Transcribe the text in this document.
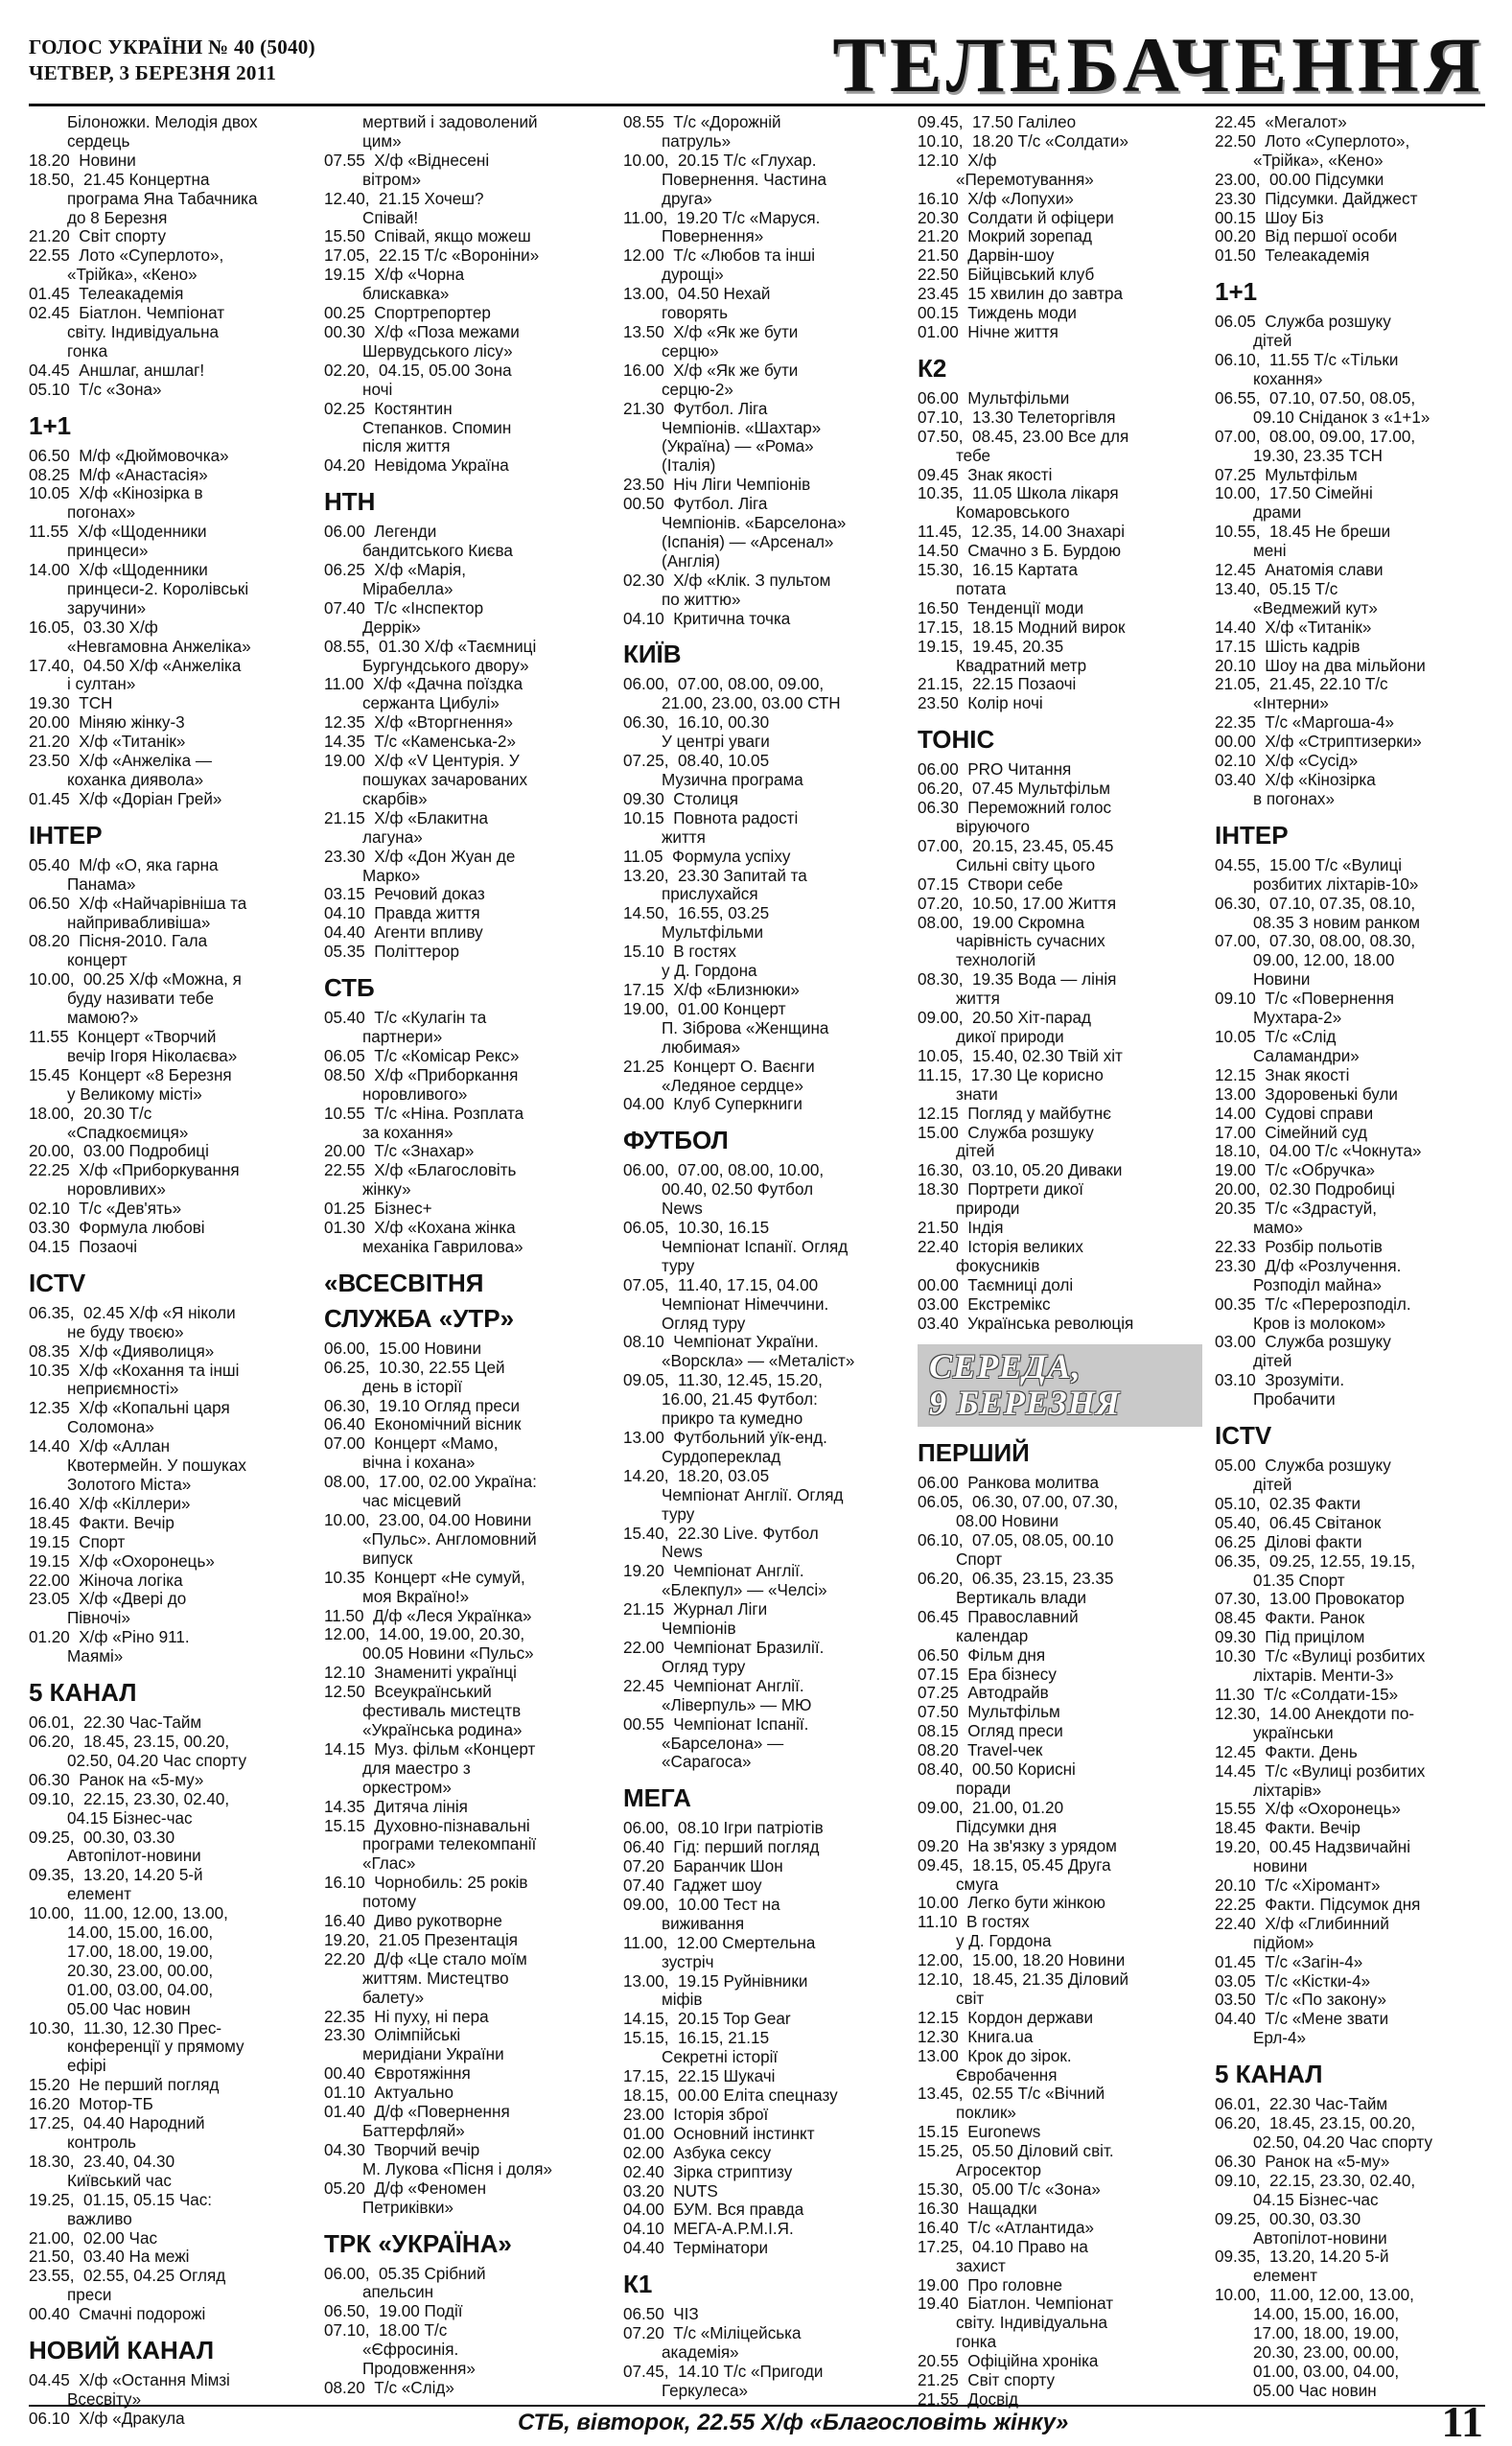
ГОЛОС УКРАЇНИ № 40 (5040)
ЧЕТВЕР, 3 БЕРЕЗНЯ 2011	ТЕЛЕБАЧЕННЯ
Білоножки. Мелодія двох
сердець
18.20  Новини
18.50,  21.45 Концертна
програма Яна Табачника
до 8 Березня
21.20  Світ спорту
22.55  Лото «Суперлото»,
«Трійка», «Кено»
01.45  Телеакадемія
02.45  Біатлон. Чемпіонат
світу. Індивідуальна
гонка
04.45  Аншлаг, аншлаг!
05.10  Т/с «Зона»
1+1
06.50  М/ф «Дюймовочка»
08.25  М/ф «Анастасія»
10.05  Х/ф «Кінозірка в
погонах»
11.55  Х/ф «Щоденники
принцеси»
14.00  Х/ф «Щоденники
принцеси-2. Королівські
заручини»
16.05,  03.30 Х/ф
«Невгамовна Анжеліка»
17.40,  04.50 Х/ф «Анжеліка
і султан»
19.30  ТСН
20.00  Міняю жінку-3
21.20  Х/ф «Титанік»
23.50  Х/ф «Анжеліка —
коханка диявола»
01.45  Х/ф «Доріан Грей»
ІНТЕР
05.40  М/ф «О, яка гарна
Панама»
06.50  Х/ф «Найчарівніша та
найпривабливіша»
08.20  Пісня-2010. Гала
концерт
10.00,  00.25 Х/ф «Можна, я
буду називати тебе
мамою?»
11.55  Концерт «Творчий
вечір Ігоря Ніколаєва»
15.45  Концерт «8 Березня
у Великому місті»
18.00,  20.30 Т/с
«Спадкоємиця»
20.00,  03.00 Подробиці
22.25  Х/ф «Приборкування
норовливих»
02.10  Т/с «Дев'ять»
03.30  Формула любові
04.15  Позаочі
ICTV
06.35,  02.45 Х/ф «Я ніколи
не буду твоєю»
08.35  Х/ф «Дияволиця»
10.35  Х/ф «Кохання та інші
неприємності»
12.35  Х/ф «Копальні царя
Соломона»
14.40  Х/ф «Аллан
Квотермейн. У пошуках
Золотого Міста»
16.40  Х/ф «Кіллери»
18.45  Факти. Вечір
19.15  Спорт
19.15  Х/ф «Охоронець»
22.00  Жіноча логіка
23.05  Х/ф «Двері до
Півночі»
01.20  Х/ф «Ріно 911.
Маямі»
5 КАНАЛ
06.01,  22.30 Час-Тайм
06.20,  18.45, 23.15, 00.20,
02.50, 04.20 Час спорту
06.30  Ранок на «5-му»
09.10,  22.15, 23.30, 02.40,
04.15 Бізнес-час
09.25,  00.30, 03.30
Автопілот-новини
09.35,  13.20, 14.20 5-й
елемент
10.00,  11.00, 12.00, 13.00,
14.00, 15.00, 16.00,
17.00, 18.00, 19.00,
20.30, 23.00, 00.00,
01.00, 03.00, 04.00,
05.00 Час новин
10.30,  11.30, 12.30 Прес-
конференції у прямому
ефірі
15.20  Не перший погляд
16.20  Мотор-ТБ
17.25,  04.40 Народний
контроль
18.30,  23.40, 04.30
Київський час
19.25,  01.15, 05.15 Час:
важливо
21.00,  02.00 Час
21.50,  03.40 На межі
23.55,  02.55, 04.25 Огляд
преси
00.40  Смачні подорожі
НОВИЙ КАНАЛ
04.45  Х/ф «Остання Мімзі
Всесвіту»
06.10  Х/ф «Дракула
мертвий і задоволений
цим»
07.55  Х/ф «Віднесені
вітром»
12.40,  21.15 Хочеш?
Співай!
15.50  Співай, якщо можеш
17.05,  22.15 Т/с «Вороніни»
19.15  Х/ф «Чорна
блискавка»
00.25  Спортрепортер
00.30  Х/ф «Поза межами
Шервудського лісу»
02.20,  04.15, 05.00 Зона
ночі
02.25  Костянтин
Степанков. Спомин
після життя
04.20  Невідома Україна
НТН
06.00  Легенди
бандитського Києва
06.25  Х/ф «Марія,
Мірабелла»
07.40  Т/с «Інспектор
Деррік»
08.55,  01.30 Х/ф «Таємниці
Бургундського двору»
11.00  Х/ф «Дачна поїздка
сержанта Цибулі»
12.35  Х/ф «Вторгнення»
14.35  Т/с «Каменська-2»
19.00  Х/ф «V Центурія. У
пошуках зачарованих
скарбів»
21.15  Х/ф «Блакитна
лагуна»
23.30  Х/ф «Дон Жуан де
Марко»
03.15  Речовий доказ
04.10  Правда життя
04.40  Агенти впливу
05.35  Політтерор
СТБ
05.40  Т/с «Кулагін та
партнери»
06.05  Т/с «Комісар Рекс»
08.50  Х/ф «Приборкання
норовливого»
10.55  Т/с «Ніна. Розплата
за кохання»
20.00  Т/с «Знахар»
22.55  Х/ф «Благословіть
жінку»
01.25  Бізнес+
01.30  Х/ф «Кохана жінка
механіка Гаврилова»
«ВСЕСВІТНЯ
СЛУЖБА «УТР»
06.00,  15.00 Новини
06.25,  10.30, 22.55 Цей
день в історії
06.30,  19.10 Огляд преси
06.40  Економічний вісник
07.00  Концерт «Мамо,
вічна і кохана»
08.00,  17.00, 02.00 Україна:
час місцевий
10.00,  23.00, 04.00 Новини
«Пульс». Англомовний
випуск
10.35  Концерт «Не сумуй,
моя Вкраїно!»
11.50  Д/ф «Леся Українка»
12.00,  14.00, 19.00, 20.30,
00.05 Новини «Пульс»
12.10  Знамениті українці
12.50  Всеукраїнський
фестиваль мистецтв
«Українська родина»
14.15  Муз. фільм «Концерт
для маестро з
оркестром»
14.35  Дитяча лінія
15.15  Духовно-пізнавальні
програми телекомпанії
«Глас»
16.10  Чорнобиль: 25 років
потому
16.40  Диво рукотворне
19.20,  21.05 Презентація
22.20  Д/ф «Це стало моїм
життям. Мистецтво
балету»
22.35  Ні пуху, ні пера
23.30  Олімпійські
меридіани України
00.40  Євротяжіння
01.10  Актуально
01.40  Д/ф «Повернення
Баттерфляй»
04.30  Творчий вечір
М. Лукова «Пісня і доля»
05.20  Д/ф «Феномен
Петриківки»
ТРК «УКРАЇНА»
06.00,  05.35 Срібний
апельсин
06.50,  19.00 Події
07.10,  18.00 Т/с
«Єфросинія.
Продовження»
08.20  Т/с «Слід»
08.55  Т/с «Дорожній
патруль»
10.00,  20.15 Т/с «Глухар.
Повернення. Частина
друга»
11.00,  19.20 Т/с «Маруся.
Повернення»
12.00  Т/с «Любов та інші
дурощі»
13.00,  04.50 Нехай
говорять
13.50  Х/ф «Як же бути
серцю»
16.00  Х/ф «Як же бути
серцю-2»
21.30  Футбол. Ліга
Чемпіонів. «Шахтар»
(Україна) — «Рома»
(Італія)
23.50  Ніч Ліги Чемпіонів
00.50  Футбол. Ліга
Чемпіонів. «Барселона»
(Іспанія) — «Арсенал»
(Англія)
02.30  Х/ф «Клік. З пультом
по життю»
04.10  Критична точка
КИЇВ
06.00,  07.00, 08.00, 09.00,
21.00, 23.00, 03.00 СТН
06.30,  16.10, 00.30
У центрі уваги
07.25,  08.40, 10.05
Музична програма
09.30  Столиця
10.15  Повнота радості
життя
11.05  Формула успіху
13.20,  23.30 Запитай та
прислухайся
14.50,  16.55, 03.25
Мультфільми
15.10  В гостях
у Д. Гордона
17.15  Х/ф «Близнюки»
19.00,  01.00 Концерт
П. Зіброва «Женщина
любимая»
21.25  Концерт О. Ваєнги
«Ледяное сердце»
04.00  Клуб Суперкниги
ФУТБОЛ
06.00,  07.00, 08.00, 10.00,
00.40, 02.50 Футбол
News
06.05,  10.30, 16.15
Чемпіонат Іспанії. Огляд
туру
07.05,  11.40, 17.15, 04.00
Чемпіонат Німеччини.
Огляд туру
08.10  Чемпіонат України.
«Ворскла» — «Металіст»
09.05,  11.30, 12.45, 15.20,
16.00, 21.45 Футбол:
прикро та кумедно
13.00  Футбольний уїк-енд.
Сурдопереклад
14.20,  18.20, 03.05
Чемпіонат Англії. Огляд
туру
15.40,  22.30 Live. Футбол
News
19.20  Чемпіонат Англії.
«Блекпул» — «Челсі»
21.15  Журнал Ліги
Чемпіонів
22.00  Чемпіонат Бразилії.
Огляд туру
22.45  Чемпіонат Англії.
«Ліверпуль» — МЮ
00.55  Чемпіонат Іспанії.
«Барселона» —
«Сарагоса»
МЕГА
06.00,  08.10 Ігри патріотів
06.40  Гід: перший погляд
07.20  Баранчик Шон
07.40  Гаджет шоу
09.00,  10.00 Тест на
виживання
11.00,  12.00 Смертельна
зустріч
13.00,  19.15 Руйнівники
міфів
14.15,  20.15 Top Gear
15.15,  16.15, 21.15
Секретні історії
17.15,  22.15 Шукачі
18.15,  00.00 Еліта спецназу
23.00  Історія зброї
01.00  Основний інстинкт
02.00  Азбука сексу
02.40  Зірка стриптизу
03.20  NUTS
04.00  БУМ. Вся правда
04.10  МЕГА-А.Р.М.І.Я.
04.40  Термінатори
К1
06.50  ЧІЗ
07.20  Т/с «Міліцейська
академія»
07.45,  14.10 Т/с «Пригоди
Геркулеса»
09.45,  17.50 Галілео
10.10,  18.20 Т/с «Солдати»
12.10  Х/ф
«Перемотування»
16.10  Х/ф «Лопухи»
20.30  Солдати й офіцери
21.20  Мокрий зорепад
21.50  Дарвін-шоу
22.50  Бійцівський клуб
23.45  15 хвилин до завтра
00.15  Тиждень моди
01.00  Нічне життя
К2
06.00  Мультфільми
07.10,  13.30 Телеторгівля
07.50,  08.45, 23.00 Все для
тебе
09.45  Знак якості
10.35,  11.05 Школа лікаря
Комаровського
11.45,  12.35, 14.00 Знахарі
14.50  Смачно з Б. Бурдою
15.30,  16.15 Картата
потата
16.50  Тенденції моди
17.15,  18.15 Модний вирок
19.15,  19.45, 20.35
Квадратний метр
21.15,  22.15 Позаочі
23.50  Колір ночі
ТОНІС
06.00  PRO Читання
06.20,  07.45 Мультфільм
06.30  Переможний голос
віруючого
07.00,  20.15, 23.45, 05.45
Сильні світу цього
07.15  Створи себе
07.20,  10.50, 17.00 Життя
08.00,  19.00 Скромна
чарівність сучасних
технологій
08.30,  19.35 Вода — лінія
життя
09.00,  20.50 Хіт-парад
дикої природи
10.05,  15.40, 02.30 Твій хіт
11.15,  17.30 Це корисно
знати
12.15  Погляд у майбутнє
15.00  Служба розшуку
дітей
16.30,  03.10, 05.20 Диваки
18.30  Портрети дикої
природи
21.50  Індія
22.40  Історія великих
фокусників
00.00  Таємниці долі
03.00  Екстремікс
03.40  Українська революція
СЕРЕДА,
9 БЕРЕЗНЯ
ПЕРШИЙ
06.00  Ранкова молитва
06.05,  06.30, 07.00, 07.30,
08.00 Новини
06.10,  07.05, 08.05, 00.10
Спорт
06.20,  06.35, 23.15, 23.35
Вертикаль влади
06.45  Православний
календар
06.50  Фільм дня
07.15  Ера бізнесу
07.25  Автодрайв
07.50  Мультфільм
08.15  Огляд преси
08.20  Travel-чек
08.40,  00.50 Корисні
поради
09.00,  21.00, 01.20
Підсумки дня
09.20  На зв'язку з урядом
09.45,  18.15, 05.45 Друга
смуга
10.00  Легко бути жінкою
11.10  В гостях
у Д. Гордона
12.00,  15.00, 18.20 Новини
12.10,  18.45, 21.35 Діловий
світ
12.15  Кордон держави
12.30  Книга.ua
13.00  Крок до зірок.
Євробачення
13.45,  02.55 Т/с «Вічний
поклик»
15.15  Euronews
15.25,  05.50 Діловий світ.
Агросектор
15.30,  05.00 Т/с «Зона»
16.30  Нащадки
16.40  Т/с «Атлантида»
17.25,  04.10 Право на
захист
19.00  Про головне
19.40  Біатлон. Чемпіонат
світу. Індивідуальна
гонка
20.55  Офіційна хроніка
21.25  Світ спорту
21.55  Досвід
22.45  «Мегалот»
22.50  Лото «Суперлото»,
«Трійка», «Кено»
23.00,  00.00 Підсумки
23.30  Підсумки. Дайджест
00.15  Шоу Біз
00.20  Від першої особи
01.50  Телеакадемія
1+1
06.05  Служба розшуку
дітей
06.10,  11.55 Т/с «Тільки
кохання»
06.55,  07.10, 07.50, 08.05,
09.10 Сніданок з «1+1»
07.00,  08.00, 09.00, 17.00,
19.30, 23.35 ТСН
07.25  Мультфільм
10.00,  17.50 Сімейні
драми
10.55,  18.45 Не бреши
мені
12.45  Анатомія слави
13.40,  05.15 Т/с
«Ведмежий кут»
14.40  Х/ф «Титанік»
17.15  Шість кадрів
20.10  Шоу на два мільйони
21.05,  21.45, 22.10 Т/с
«Інтерни»
22.35  Т/с «Маргоша-4»
00.00  Х/ф «Стриптизерки»
02.10  Х/ф «Сусід»
03.40  Х/ф «Кінозірка
в погонах»
ІНТЕР
04.55,  15.00 Т/с «Вулиці
розбитих ліхтарів-10»
06.30,  07.10, 07.35, 08.10,
08.35 З новим ранком
07.00,  07.30, 08.00, 08.30,
09.00, 12.00, 18.00
Новини
09.10  Т/с «Повернення
Мухтара-2»
10.05  Т/с «Слід
Саламандри»
12.15  Знак якості
13.00  Здоровенькі були
14.00  Судові справи
17.00  Сімейний суд
18.10,  04.00 Т/с «Чокнута»
19.00  Т/с «Обручка»
20.00,  02.30 Подробиці
20.35  Т/с «Здрастуй,
мамо»
22.33  Розбір польотів
23.30  Д/ф «Розлучення.
Розподіл майна»
00.35  Т/с «Перерозподіл.
Кров із молоком»
03.00  Служба розшуку
дітей
03.10  Зрозуміти.
Пробачити
ICTV
05.00  Служба розшуку
дітей
05.10,  02.35 Факти
05.40,  06.45 Світанок
06.25  Ділові факти
06.35,  09.25, 12.55, 19.15,
01.35 Спорт
07.30,  13.00 Провокатор
08.45  Факти. Ранок
09.30  Під прицілом
10.30  Т/с «Вулиці розбитих
ліхтарів. Менти-3»
11.30  Т/с «Солдати-15»
12.30,  14.00 Анекдоти по-
українськи
12.45  Факти. День
14.45  Т/с «Вулиці розбитих
ліхтарів»
15.55  Х/ф «Охоронець»
18.45  Факти. Вечір
19.20,  00.45 Надзвичайні
новини
20.10  Т/с «Хіромант»
22.25  Факти. Підсумок дня
22.40  Х/ф «Глибинний
підйом»
01.45  Т/с «Загін-4»
03.05  Т/с «Кістки-4»
03.50  Т/с «По закону»
04.40  Т/с «Мене звати
Ерл-4»
5 КАНАЛ
06.01,  22.30 Час-Тайм
06.20,  18.45, 23.15, 00.20,
02.50, 04.20 Час спорту
06.30  Ранок на «5-му»
09.10,  22.15, 23.30, 02.40,
04.15 Бізнес-час
09.25,  00.30, 03.30
Автопілот-новини
09.35,  13.20, 14.20 5-й
елемент
10.00,  11.00, 12.00, 13.00,
14.00, 15.00, 16.00,
17.00, 18.00, 19.00,
20.30, 23.00, 00.00,
01.00, 03.00, 04.00,
05.00 Час новин
СТБ, вівторок, 22.55 Х/ф «Благословіть жінку»	11
